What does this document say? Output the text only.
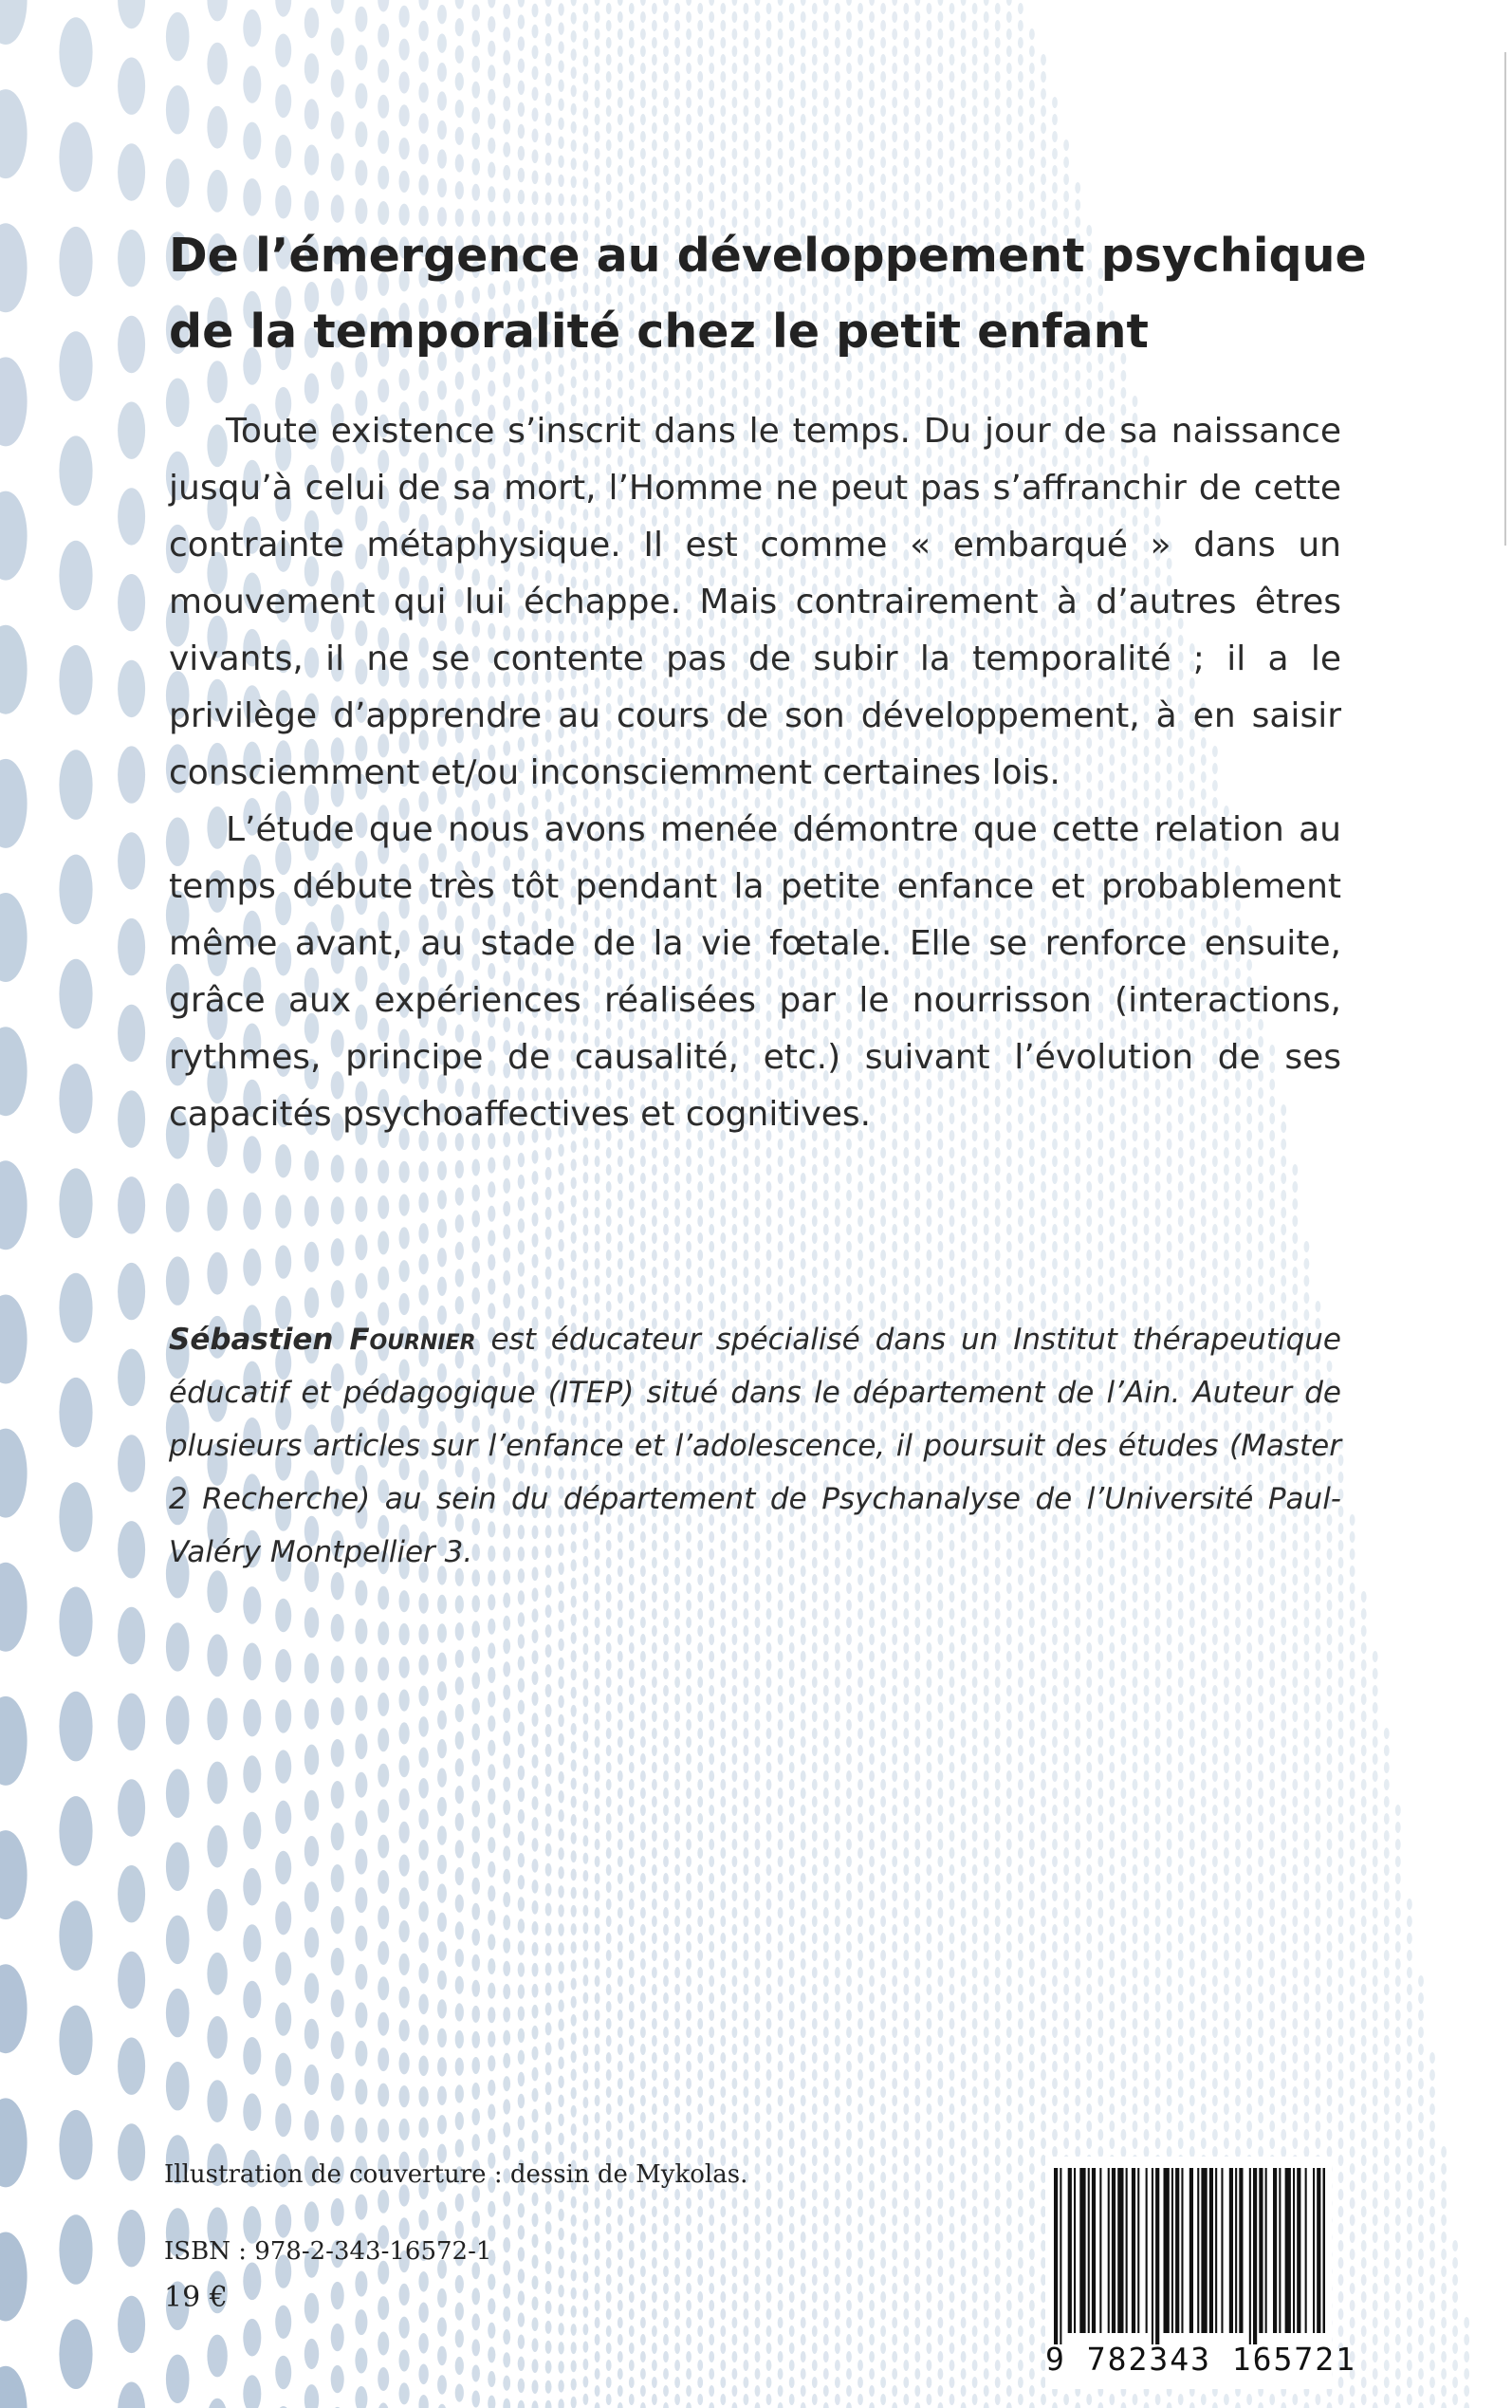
De l’émergence au développement psychique
de la temporalité chez le petit enfant

Toute existence s’inscrit dans le temps. Du jour de sa naissance jusqu’à celui de sa mort, l’Homme ne peut pas s’affranchir de cette contrainte métaphysique. Il est comme « embarqué » dans un mouvement qui lui échappe. Mais contrairement à d’autres êtres vivants, il ne se contente pas de subir la temporalité ; il a le privilège d’apprendre au cours de son développement, à en saisir consciemment et/ou inconsciemment certaines lois.

L’étude que nous avons menée démontre que cette relation au temps débute très tôt pendant la petite enfance et probablement même avant, au stade de la vie fœtale. Elle se renforce ensuite, grâce aux expériences réalisées par le nourrisson (interactions, rythmes, principe de causalité, etc.) suivant l’évolution de ses capacités psychoaffectives et cognitives.

Sébastien Fournier est éducateur spécialisé dans un Institut thérapeutique éducatif et pédagogique (ITEP) situé dans le département de l’Ain. Auteur de plusieurs articles sur l’enfance et l’adolescence, il poursuit des études (Master 2 Recherche) au sein du département de Psychanalyse de l’Université Paul-Valéry Montpellier 3.

Illustration de couverture : dessin de Mykolas.

ISBN : 978-2-343-16572-1

19 €

9 782343 165721
